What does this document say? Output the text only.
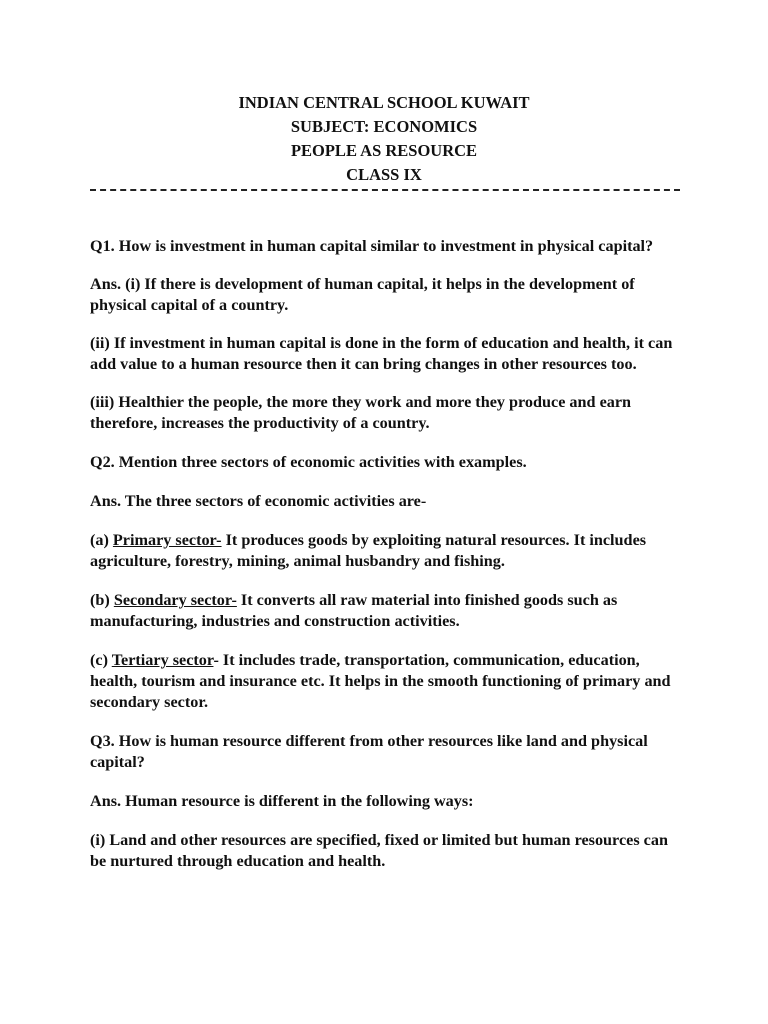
INDIAN CENTRAL SCHOOL KUWAIT
SUBJECT: ECONOMICS
PEOPLE AS RESOURCE
CLASS IX

Q1. How is investment in human capital similar to investment in physical capital?

Ans. (i) If there is development of human capital, it helps in the development of physical capital of a country.

(ii) If investment in human capital is done in the form of education and health, it can add value to a human resource then it can bring changes in other resources too.

(iii) Healthier the people, the more they work and more they produce and earn therefore, increases the productivity of a country.

Q2. Mention three sectors of economic activities with examples.

Ans. The three sectors of economic activities are-

(a) Primary sector- It produces goods by exploiting natural resources. It includes agriculture, forestry, mining, animal husbandry and fishing.

(b) Secondary sector- It converts all raw material into finished goods such as manufacturing, industries and construction activities.

(c) Tertiary sector- It includes trade, transportation, communication, education, health, tourism and insurance etc. It helps in the smooth functioning of primary and secondary sector.

Q3. How is human resource different from other resources like land and physical capital?

Ans. Human resource is different in the following ways:

(i) Land and other resources are specified, fixed or limited but human resources can be nurtured through education and health.
